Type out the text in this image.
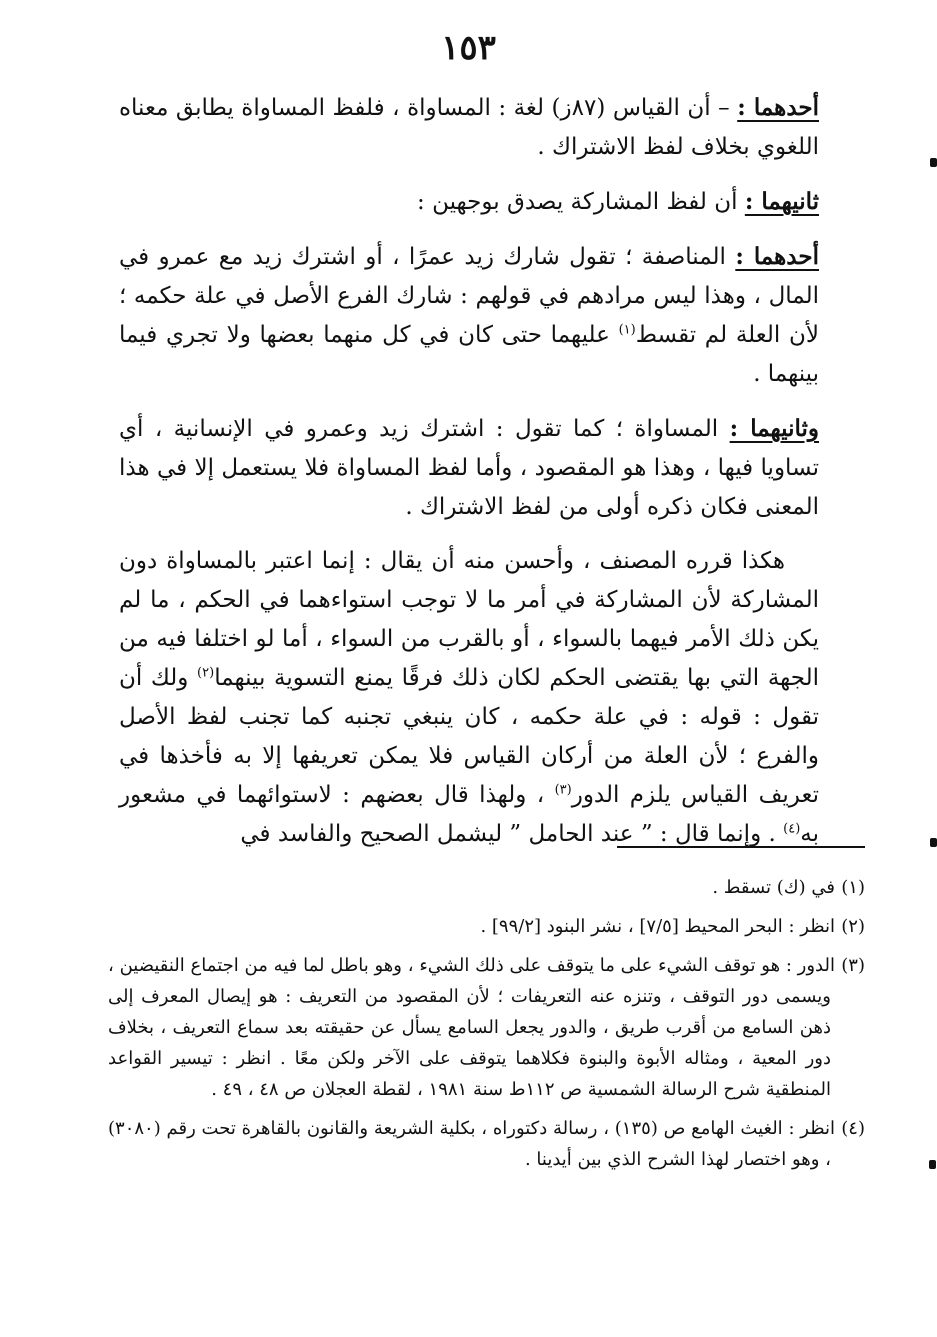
١٥٣

أحدهما : – أن القياس (٨٧ز) لغة : المساواة ، فلفظ المساواة يطابق معناه اللغوي بخلاف لفظ الاشتراك .

ثانيهما : أن لفظ المشاركة يصدق بوجهين :

أحدهما : المناصفة ؛ تقول شارك زيد عمرًا ، أو اشترك زيد مع عمرو في المال ، وهذا ليس مرادهم في قولهم : شارك الفرع الأصل في علة حكمه ؛ لأن العلة لم تقسط$^{(١)}$ عليهما حتى كان في كل منهما بعضها ولا تجري فيما بينهما .

وثانيهما : المساواة ؛ كما تقول : اشترك زيد وعمرو في الإنسانية ، أي تساويا فيها ، وهذا هو المقصود ، وأما لفظ المساواة فلا يستعمل إلا في هذا المعنى فكان ذكره أولى من لفظ الاشتراك .

هكذا قرره المصنف ، وأحسن منه أن يقال : إنما اعتبر بالمساواة دون المشاركة لأن المشاركة في أمر ما لا توجب استواءهما في الحكم ، ما لم يكن ذلك الأمر فيهما بالسواء ، أو بالقرب من السواء ، أما لو اختلفا فيه من الجهة التي بها يقتضى الحكم لكان ذلك فرقًا يمنع التسوية بينهما$^{(٢)}$ ولك أن تقول : قوله : في علة حكمه ، كان ينبغي تجنبه كما تجنب لفظ الأصل والفرع ؛ لأن العلة من أركان القياس فلا يمكن تعريفها إلا به فأخذها في تعريف القياس يلزم الدور$^{(٣)}$ ، ولهذا قال بعضهم : لاستوائهما في مشعور به$^{(٤)}$ . وإنما قال : ” عند الحامل ” ليشمل الصحيح والفاسد في

(١)في (ك) تسقط .

(٢)انظر : البحر المحيط [٧/٥] ، نشر البنود [٩٩/٢] .

(٣)الدور : هو توقف الشيء على ما يتوقف على ذلك الشيء ، وهو باطل لما فيه من اجتماع النقيضين ، ويسمى دور التوقف ، وتنزه عنه التعريفات ؛ لأن المقصود من التعريف : هو إيصال المعرف إلى ذهن السامع من أقرب طريق ، والدور يجعل السامع يسأل عن حقيقته بعد سماع التعريف ، بخلاف دور المعية ، ومثاله الأبوة والبنوة فكلاهما يتوقف على الآخر ولكن معًا . انظر : تيسير القواعد المنطقية شرح الرسالة الشمسية ص ١١٢ط سنة ١٩٨١ ، لقطة العجلان ص ٤٨ ، ٤٩ .

(٤)انظر : الغيث الهامع ص (١٣٥) ، رسالة دكتوراه ، بكلية الشريعة والقانون بالقاهرة تحت رقم (٣٠٨٠) ، وهو اختصار لهذا الشرح الذي بين أيدينا .
